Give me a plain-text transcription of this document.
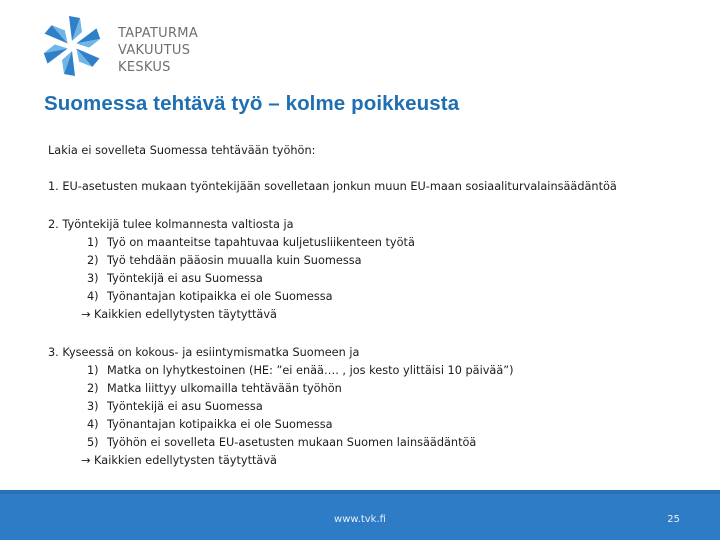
TAPATURMA
VAKUUTUS
KESKUS
Suomessa tehtävä työ – kolme poikkeusta
Lakia ei sovelleta Suomessa tehtävään työhön:
1. EU-asetusten mukaan työntekijään sovelletaan jonkun muun EU-maan sosiaaliturvalainsäädäntöä
2. Työntekijä tulee kolmannesta valtiosta ja
1) Työ on maanteitse tapahtuvaa kuljetusliikenteen työtä
2) Työ tehdään pääosin muualla kuin Suomessa
3) Työntekijä ei asu Suomessa
4) Työnantajan kotipaikka ei ole Suomessa
→ Kaikkien edellytysten täytyttävä
3. Kyseessä on kokous- ja esiintymismatka Suomeen ja
1) Matka on lyhytkestoinen (HE: ”ei enää…. , jos kesto ylittäisi 10 päivää”)
2) Matka liittyy ulkomailla tehtävään työhön
3) Työntekijä ei asu Suomessa
4) Työnantajan kotipaikka ei ole Suomessa
5) Työhön ei sovelleta EU-asetusten mukaan Suomen lainsäädäntöä
→ Kaikkien edellytysten täytyttävä
www.tvk.fi	25
